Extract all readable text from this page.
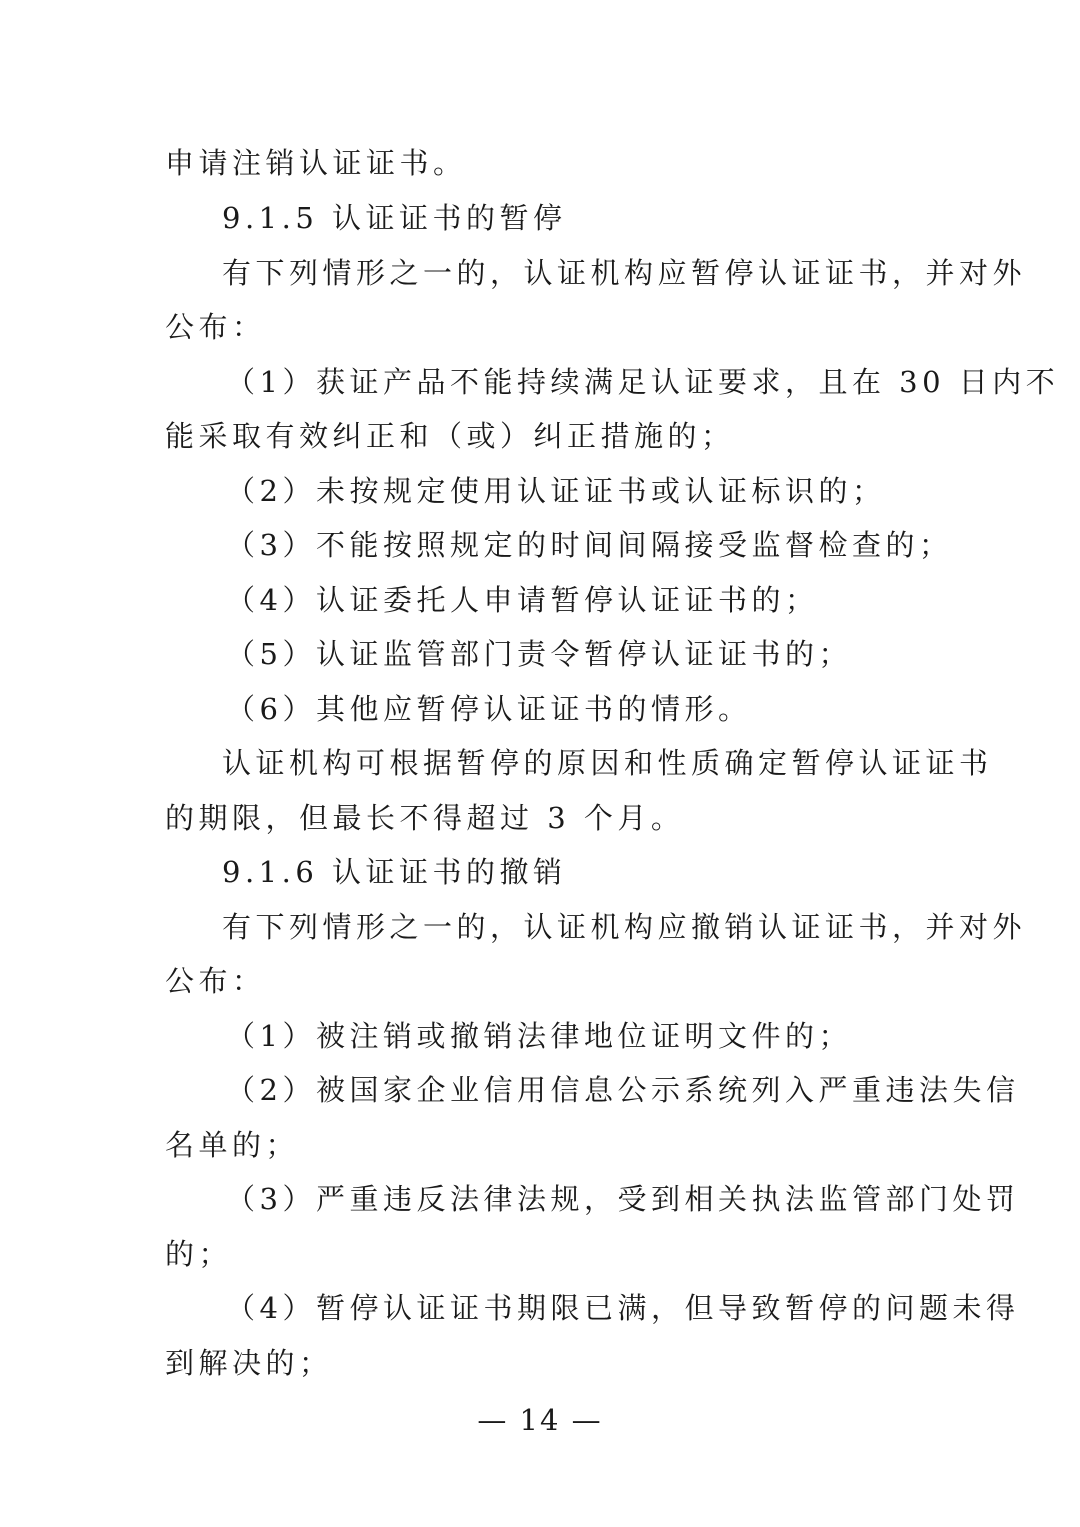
申请注销认证证书。
9.1.5 认证证书的暂停
有下列情形之一的，认证机构应暂停认证证书，并对外
公布：
（1）获证产品不能持续满足认证要求，且在 30 日内不
能采取有效纠正和（或）纠正措施的；
（2）未按规定使用认证证书或认证标识的；
（3）不能按照规定的时间间隔接受监督检查的；
（4）认证委托人申请暂停认证证书的；
（5）认证监管部门责令暂停认证证书的；
（6）其他应暂停认证证书的情形。
认证机构可根据暂停的原因和性质确定暂停认证证书
的期限，但最长不得超过 3 个月。
9.1.6 认证证书的撤销
有下列情形之一的，认证机构应撤销认证证书，并对外
公布：
（1）被注销或撤销法律地位证明文件的；
（2）被国家企业信用信息公示系统列入严重违法失信
名单的；
（3）严重违反法律法规，受到相关执法监管部门处罚
的；
（4）暂停认证证书期限已满，但导致暂停的问题未得
到解决的；
— 14 —
